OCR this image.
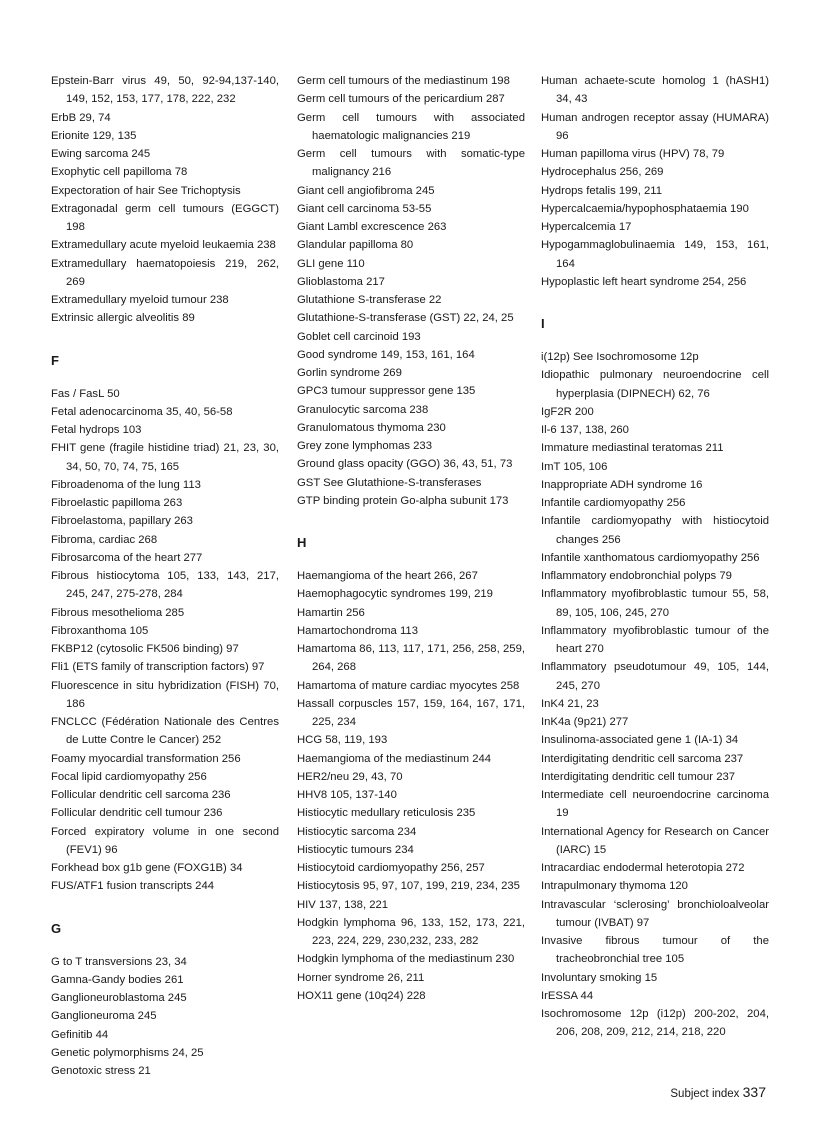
Epstein-Barr virus 49, 50, 92-94,137-140, 149, 152, 153, 177, 178, 222, 232
ErbB 29, 74
Erionite 129, 135
Ewing sarcoma 245
Exophytic cell papilloma 78
Expectoration of hair See Trichoptysis
Extragonadal germ cell tumours (EGGCT) 198
Extramedullary acute myeloid leukaemia 238
Extramedullary haematopoiesis 219, 262, 269
Extramedullary myeloid tumour 238
Extrinsic allergic alveolitis 89
F
Fas / FasL 50
Fetal adenocarcinoma 35, 40, 56-58
Fetal hydrops 103
FHIT gene (fragile histidine triad) 21, 23, 30, 34, 50, 70, 74, 75, 165
Fibroadenoma of the lung 113
Fibroelastic papilloma 263
Fibroelastoma, papillary 263
Fibroma, cardiac 268
Fibrosarcoma of the heart 277
Fibrous histiocytoma 105, 133, 143, 217, 245, 247, 275-278, 284
Fibrous mesothelioma 285
Fibroxanthoma 105
FKBP12 (cytosolic FK506 binding) 97
Fli1 (ETS family of transcription factors) 97
Fluorescence in situ hybridization (FISH) 70, 186
FNCLCC (Fédération Nationale des Centres de Lutte Contre le Cancer) 252
Foamy myocardial transformation 256
Focal lipid cardiomyopathy 256
Follicular dendritic cell sarcoma 236
Follicular dendritic cell tumour 236
Forced expiratory volume in one second (FEV1) 96
Forkhead box g1b gene (FOXG1B) 34
FUS/ATF1 fusion transcripts 244
G
G to T transversions 23, 34
Gamna-Gandy bodies 261
Ganglioneuroblastoma 245
Ganglioneuroma 245
Gefinitib 44
Genetic polymorphisms 24, 25
Genotoxic stress 21
Germ cell tumours of the mediastinum 198
Germ cell tumours of the pericardium 287
Germ cell tumours with associated haematologic malignancies 219
Germ cell tumours with somatic-type malignancy 216
Giant cell angiofibroma 245
Giant cell carcinoma 53-55
Giant Lambl excrescence 263
Glandular papilloma 80
GLI gene 110
Glioblastoma 217
Glutathione S-transferase 22
Glutathione-S-transferase (GST) 22, 24, 25
Goblet cell carcinoid 193
Good syndrome 149, 153, 161, 164
Gorlin syndrome 269
GPC3 tumour suppressor gene 135
Granulocytic sarcoma 238
Granulomatous thymoma 230
Grey zone lymphomas 233
Ground glass opacity (GGO) 36, 43, 51, 73
GST See Glutathione-S-transferases
GTP binding protein Go-alpha subunit 173
H
Haemangioma of the heart 266, 267
Haemophagocytic syndromes 199, 219
Hamartin 256
Hamartochondroma 113
Hamartoma 86, 113, 117, 171, 256, 258, 259, 264, 268
Hamartoma of mature cardiac myocytes 258
Hassall corpuscles 157, 159, 164, 167, 171, 225, 234
HCG 58, 119, 193
Haemangioma of the mediastinum 244
HER2/neu 29, 43, 70
HHV8 105, 137-140
Histiocytic medullary reticulosis 235
Histiocytic sarcoma 234
Histiocytic tumours 234
Histiocytoid cardiomyopathy 256, 257
Histiocytosis 95, 97, 107, 199, 219, 234, 235
HIV 137, 138, 221
Hodgkin lymphoma 96, 133, 152, 173, 221, 223, 224, 229, 230,232, 233, 282
Hodgkin lymphoma of the mediastinum 230
Horner syndrome 26, 211
HOX11 gene (10q24) 228
Human achaete-scute homolog 1 (hASH1) 34, 43
Human androgen receptor assay (HUMARA) 96
Human papilloma virus (HPV) 78, 79
Hydrocephalus 256, 269
Hydrops fetalis 199, 211
Hypercalcaemia/hypophosphataemia 190
Hypercalcemia 17
Hypogammaglobulinaemia 149, 153, 161, 164
Hypoplastic left heart syndrome 254, 256
I
i(12p) See Isochromosome 12p
Idiopathic pulmonary neuroendocrine cell hyperplasia (DIPNECH) 62, 76
IgF2R 200
Il-6 137, 138, 260
Immature mediastinal teratomas 211
ImT 105, 106
Inappropriate ADH syndrome 16
Infantile cardiomyopathy 256
Infantile cardiomyopathy with histiocytoid changes 256
Infantile xanthomatous cardiomyopathy 256
Inflammatory endobronchial polyps 79
Inflammatory myofibroblastic tumour 55, 58, 89, 105, 106, 245, 270
Inflammatory myofibroblastic tumour of the heart 270
Inflammatory pseudotumour 49, 105, 144, 245, 270
InK4 21, 23
InK4a (9p21) 277
Insulinoma-associated gene 1 (IA-1) 34
Interdigitating dendritic cell sarcoma 237
Interdigitating dendritic cell tumour 237
Intermediate cell neuroendocrine carcinoma 19
International Agency for Research on Cancer (IARC) 15
Intracardiac endodermal heterotopia 272
Intrapulmonary thymoma 120
Intravascular ‘sclerosing’ bronchioloalveolar tumour (IVBAT) 97
Invasive fibrous tumour of the tracheobronchial tree 105
Involuntary smoking 15
IrESSA 44
Isochromosome 12p (i12p) 200-202, 204, 206, 208, 209, 212, 214, 218, 220
Subject index 337
